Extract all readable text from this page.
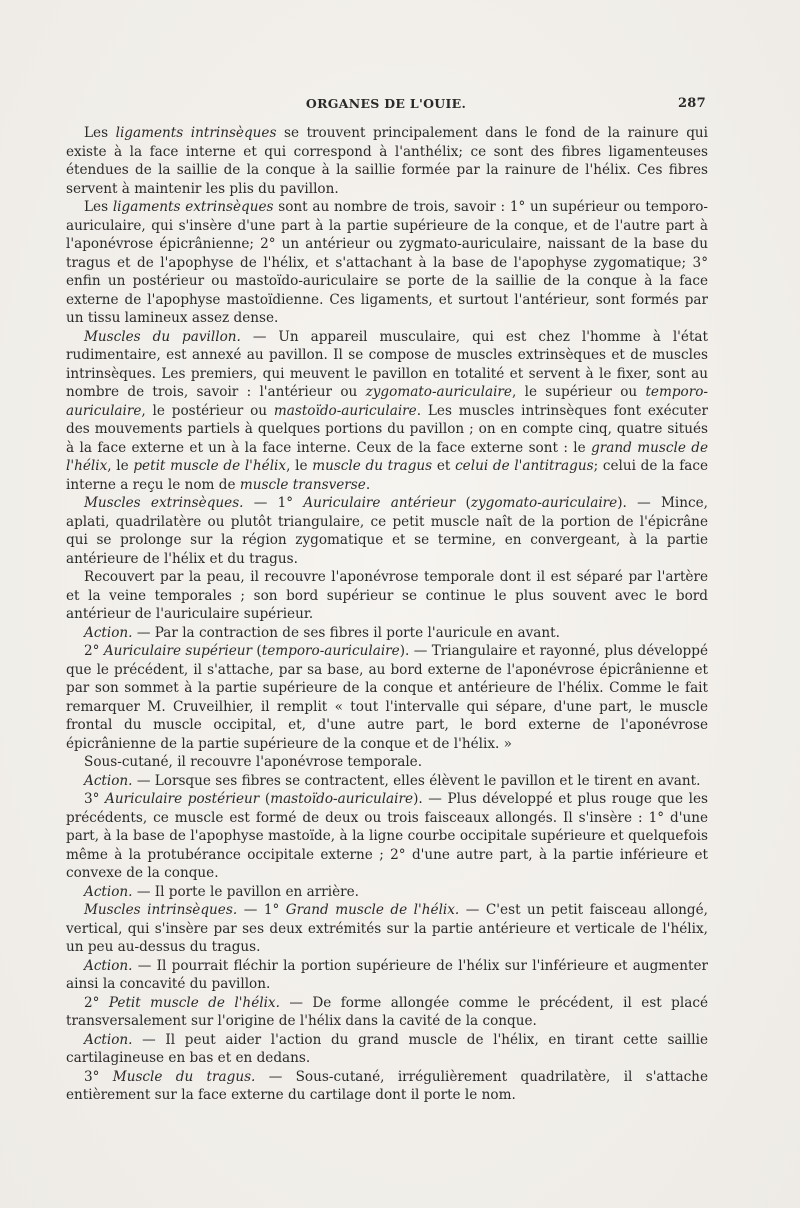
ORGANES DE L'OUIE.	287

Les ligaments intrinsèques se trouvent principalement dans le fond de la rainure qui existe à la face interne et qui correspond à l'anthélix; ce sont des fibres ligamenteuses étendues de la saillie de la conque à la saillie formée par la rainure de l'hélix. Ces fibres servent à maintenir les plis du pavillon.

Les ligaments extrinsèques sont au nombre de trois, savoir : 1° un supérieur ou temporo-auriculaire, qui s'insère d'une part à la partie supérieure de la conque, et de l'autre part à l'aponévrose épicrânienne; 2° un antérieur ou zygmato-auriculaire, naissant de la base du tragus et de l'apophyse de l'hélix, et s'attachant à la base de l'apophyse zygomatique; 3° enfin un postérieur ou mastoïdo-auriculaire se porte de la saillie de la conque à la face externe de l'apophyse mastoïdienne. Ces ligaments, et surtout l'antérieur, sont formés par un tissu lamineux assez dense.

Muscles du pavillon. — Un appareil musculaire, qui est chez l'homme à l'état rudimentaire, est annexé au pavillon. Il se compose de muscles extrinsèques et de muscles intrinsèques. Les premiers, qui meuvent le pavillon en totalité et servent à le fixer, sont au nombre de trois, savoir : l'antérieur ou zygomato-auriculaire, le supérieur ou temporo-auriculaire, le postérieur ou mastoïdo-auriculaire. Les muscles intrinsèques font exécuter des mouvements partiels à quelques portions du pavillon ; on en compte cinq, quatre situés à la face externe et un à la face interne. Ceux de la face externe sont : le grand muscle de l'hélix, le petit muscle de l'hélix, le muscle du tragus et celui de l'antitragus; celui de la face interne a reçu le nom de muscle transverse.

Muscles extrinsèques. — 1° Auriculaire antérieur (zygomato-auriculaire). — Mince, aplati, quadrilatère ou plutôt triangulaire, ce petit muscle naît de la portion de l'épicrâne qui se prolonge sur la région zygomatique et se termine, en convergeant, à la partie antérieure de l'hélix et du tragus.

Recouvert par la peau, il recouvre l'aponévrose temporale dont il est séparé par l'artère et la veine temporales ; son bord supérieur se continue le plus souvent avec le bord antérieur de l'auriculaire supérieur.

Action. — Par la contraction de ses fibres il porte l'auricule en avant.

2° Auriculaire supérieur (temporo-auriculaire). — Triangulaire et rayonné, plus développé que le précédent, il s'attache, par sa base, au bord externe de l'aponévrose épicrânienne et par son sommet à la partie supérieure de la conque et antérieure de l'hélix. Comme le fait remarquer M. Cruveilhier, il remplit « tout l'intervalle qui sépare, d'une part, le muscle frontal du muscle occipital, et, d'une autre part, le bord externe de l'aponévrose épicrânienne de la partie supérieure de la conque et de l'hélix. »

Sous-cutané, il recouvre l'aponévrose temporale.

Action. — Lorsque ses fibres se contractent, elles élèvent le pavillon et le tirent en avant.

3° Auriculaire postérieur (mastoïdo-auriculaire). — Plus développé et plus rouge que les précédents, ce muscle est formé de deux ou trois faisceaux allongés. Il s'insère : 1° d'une part, à la base de l'apophyse mastoïde, à la ligne courbe occipitale supérieure et quelquefois même à la protubérance occipitale externe ; 2° d'une autre part, à la partie inférieure et convexe de la conque.

Action. — Il porte le pavillon en arrière.

Muscles intrinsèques. — 1° Grand muscle de l'hélix. — C'est un petit faisceau allongé, vertical, qui s'insère par ses deux extrémités sur la partie antérieure et verticale de l'hélix, un peu au-dessus du tragus.

Action. — Il pourrait fléchir la portion supérieure de l'hélix sur l'inférieure et augmenter ainsi la concavité du pavillon.

2° Petit muscle de l'hélix. — De forme allongée comme le précédent, il est placé transversalement sur l'origine de l'hélix dans la cavité de la conque.

Action. — Il peut aider l'action du grand muscle de l'hélix, en tirant cette saillie cartilagineuse en bas et en dedans.

3° Muscle du tragus. — Sous-cutané, irrégulièrement quadrilatère, il s'attache entièrement sur la face externe du cartilage dont il porte le nom.
